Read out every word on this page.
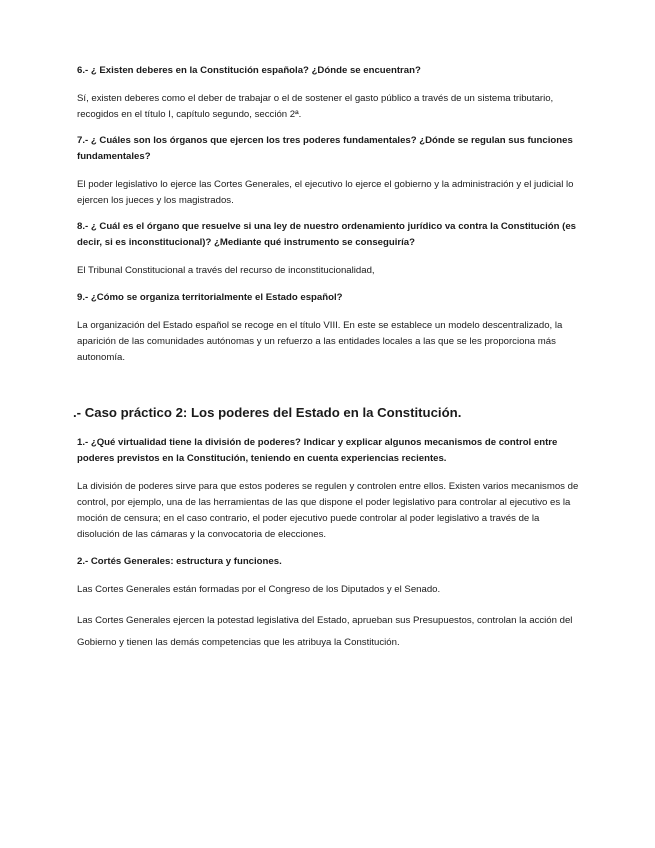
6.- ¿ Existen deberes en la Constitución española? ¿Dónde se encuentran?
Sí, existen deberes como el deber de trabajar o el de sostener el gasto público a través de un sistema tributario, recogidos en el título I, capítulo segundo, sección 2ª.
7.- ¿ Cuáles son los órganos que ejercen los tres poderes fundamentales? ¿Dónde se regulan sus funciones fundamentales?
El poder legislativo lo ejerce las Cortes Generales, el ejecutivo lo ejerce el gobierno y la administración y el judicial lo ejercen los jueces y los magistrados.
8.- ¿ Cuál es el órgano que resuelve si una ley de nuestro ordenamiento jurídico va contra la Constitución (es decir, si es inconstitucional)? ¿Mediante qué instrumento se conseguiría?
El Tribunal Constitucional a través del recurso de inconstitucionalidad,
9.- ¿Cómo se organiza territorialmente el Estado español?
La organización del Estado español se recoge en el título VIII. En este se establece un modelo descentralizado, la aparición de las comunidades autónomas y un refuerzo a las entidades locales a las que se les proporciona más autonomía.
.- Caso práctico 2: Los poderes del Estado en la Constitución.
1.- ¿Qué virtualidad tiene la división de poderes? Indicar y explicar algunos mecanismos de control entre poderes previstos en la Constitución, teniendo en cuenta experiencias recientes.
La división de poderes sirve para que estos poderes se regulen y controlen entre ellos. Existen varios mecanismos de control, por ejemplo, una de las herramientas de las que dispone el poder legislativo para controlar al ejecutivo es la moción de censura; en el caso contrario, el poder ejecutivo puede controlar al poder legislativo a través de la disolución de las cámaras y la convocatoria de elecciones.
2.- Cortés Generales: estructura y funciones.
Las Cortes Generales están formadas por el Congreso de los Diputados y el Senado.
Las Cortes Generales ejercen la potestad legislativa del Estado, aprueban sus Presupuestos, controlan la acción del Gobierno y tienen las demás competencias que les atribuya la Constitución.
